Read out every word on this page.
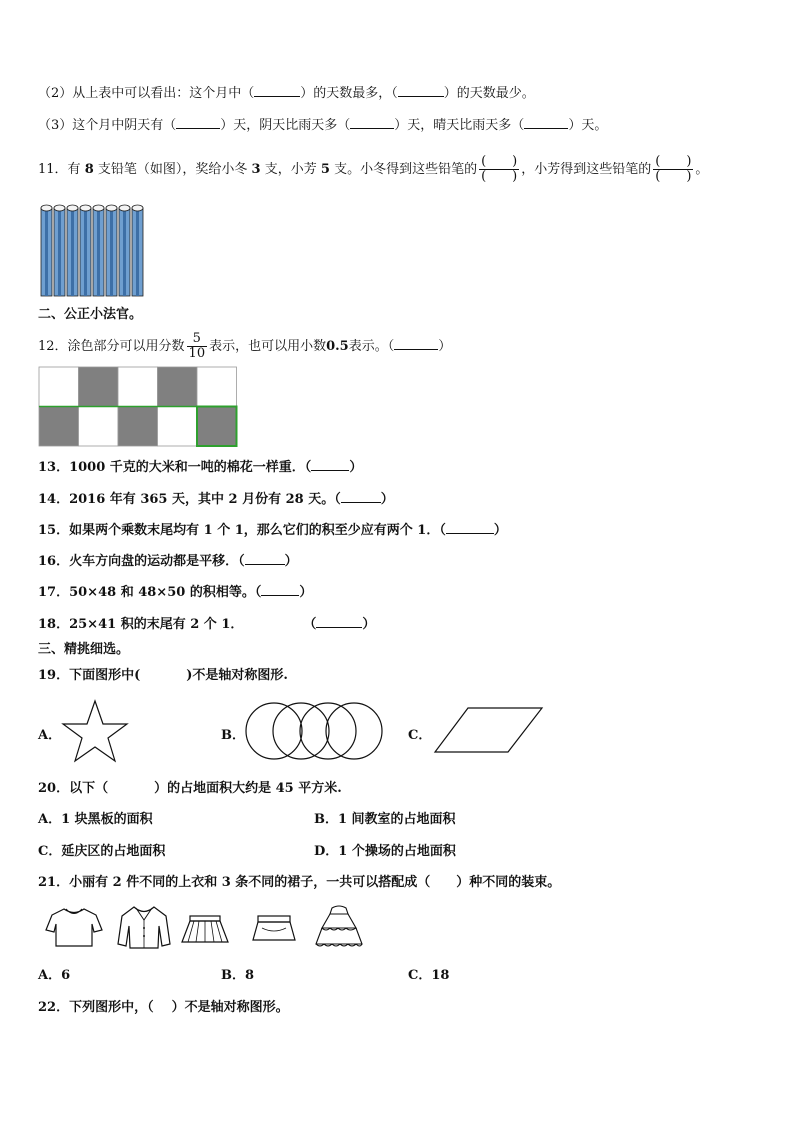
（2）从上表中可以看出：这个月中（	）的天数最多，（	）的天数最少。
（3）这个月中阴天有（	）天，阴天比雨天多（	）天，晴天比雨天多（	）天。
11．有 8 支铅笔（如图），奖给小冬 3 支，小芳 5 支。小冬得到这些铅笔的 $\frac{( )}{( )}$ ，小芳得到这些铅笔的 $\frac{( )}{( )}$ 。
二、公正小法官。
12．涂色部分可以用分数 $\frac{5}{10}$ 表示，也可以用小数0.5表示。（	）
13．1000 千克的大米和一吨的棉花一样重．（	）
14．2016 年有 365 天，其中 2 月份有 28 天。（	）
15．如果两个乘数末尾均有 1 个 1，那么它们的积至少应有两个 1．（	）
16．火车方向盘的运动都是平移．（	）
17．50×48 和 48×50 的积相等。（	）
18．25×41 积的末尾有 2 个 1．	（	）
三、精挑细选。
19．下面图形中(	)不是轴对称图形.
A．	B．	C．
20．以下（	）的占地面积大约是 45 平方米.
A．1 块黑板的面积	B．1 间教室的占地面积
C．延庆区的占地面积	D．1 个操场的占地面积
21．小丽有 2 件不同的上衣和 3 条不同的裙子，一共可以搭配成（ ）种不同的装束。
A．6	B．8	C．18
22．下列图形中，（ ）不是轴对称图形。
